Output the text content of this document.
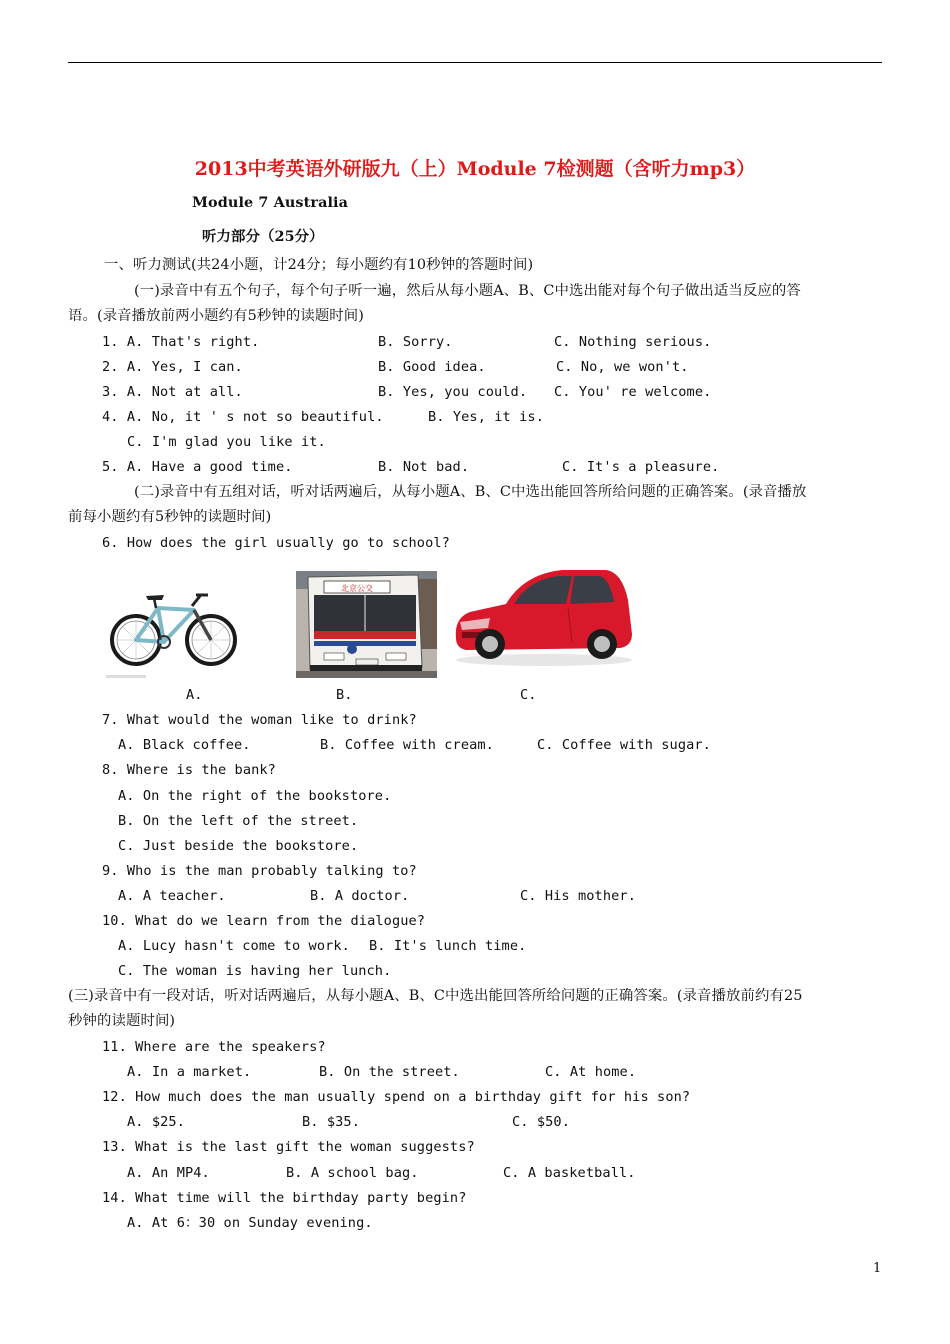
2013中考英语外研版九（上）Module 7检测题（含听力mp3）
Module 7 Australia
听力部分（25分）
一、听力测试(共24小题，计24分；每小题约有10秒钟的答题时间)
(一)录音中有五个句子，每个句子听一遍，然后从每小题A、B、C中选出能对每个句子做出适当反应的答
语。(录音播放前两小题约有5秒钟的读题时间)
1. A. That's right.	B. Sorry.	C. Nothing serious.
2. A. Yes, I can.	B. Good idea.	C. No, we won't.
3. A. Not at all.	B. Yes, you could. C. You' re welcome.
4. A. No, it ' s not so beautiful.	B. Yes, it is.
C. I'm glad you like it.
5. A. Have a good time.	B. Not bad.	C. It's a pleasure.
(二)录音中有五组对话，听对话两遍后，从每小题A、B、C中选出能回答所给问题的正确答案。(录音播放
前每小题约有5秒钟的读题时间)
6. How does the girl usually go to school?
北京公交
A.	B.	C.
7. What would the woman like to drink?
A. Black coffee.	B. Coffee with cream.	C. Coffee with sugar.
8. Where is the bank?
A. On the right of the bookstore.
B. On the left of the street.
C. Just beside the bookstore.
9. Who is the man probably talking to?
A. A teacher.	B. A doctor.	C. His mother.
10. What do we learn from the dialogue?
A. Lucy hasn't come to work. B. It's lunch time.
C. The woman is having her lunch.
(三)录音中有一段对话，听对话两遍后，从每小题A、B、C中选出能回答所给问题的正确答案。(录音播放前约有25
秒钟的读题时间)
11. Where are the speakers?
A. In a market.	B. On the street.	C. At home.
12. How much does the man usually spend on a birthday gift for his son?
A. $25.	B. $35.	C. $50.
13. What is the last gift the woman suggests?
A. An MP4.	B. A school bag.	C. A basketball.
14. What time will the birthday party begin?
A. At 6：30 on Sunday evening.
1
